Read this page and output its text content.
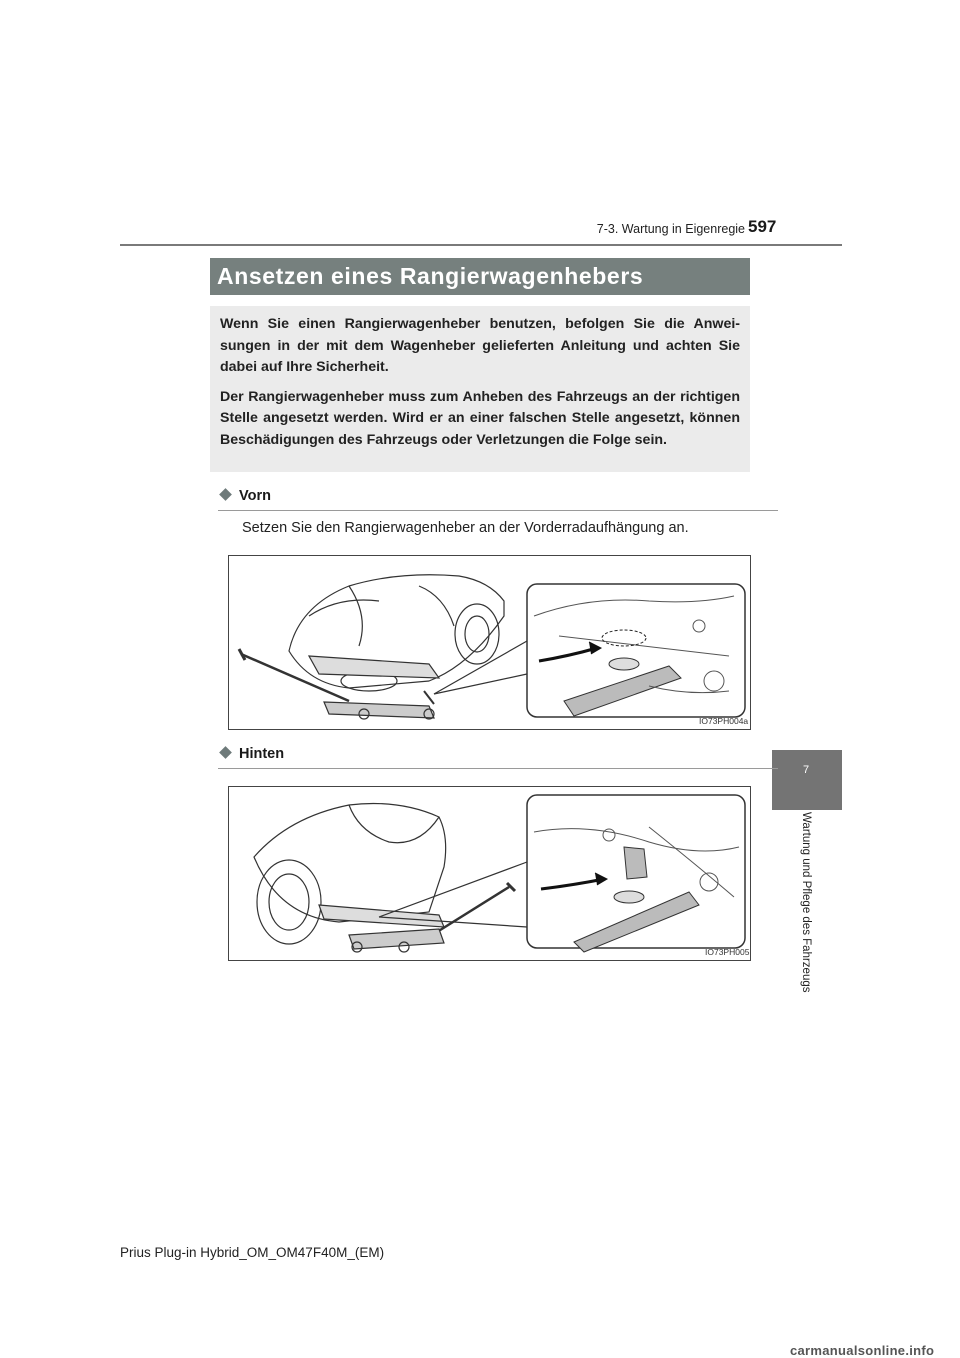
7-3. Wartung in Eigenregie 597
7
Wartung und Pflege des Fahrzeugs
Ansetzen eines Rangierwagenhebers

Wenn Sie einen Rangierwagenheber benutzen, befolgen Sie die Anwei-sungen in der mit dem Wagenheber gelieferten Anleitung und achten Sie dabei auf Ihre Sicherheit.

Der Rangierwagenheber muss zum Anheben des Fahrzeugs an der richtigen Stelle angesetzt werden. Wird er an einer falschen Stelle angesetzt, können Beschädigungen des Fahrzeugs oder Verletzungen die Folge sein.

Vorn
Setzen Sie den Rangierwagenheber an der Vorderradaufhängung an.
IO73PH004a
Hinten
IO73PH005
Prius Plug-in Hybrid_OM_OM47F40M_(EM)
carmanualsonline.info
